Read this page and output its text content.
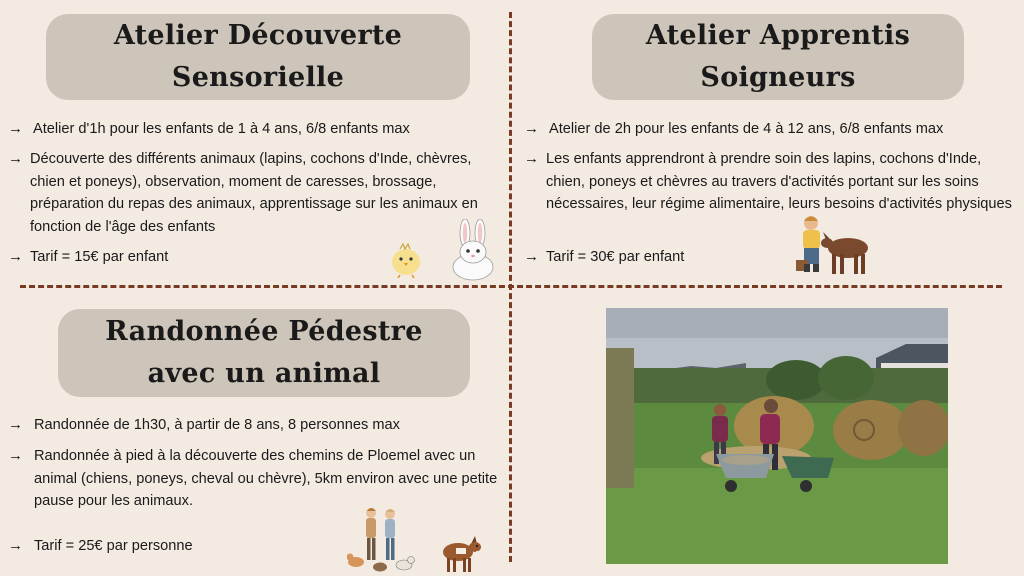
Atelier Découverte
Sensorielle
→ Atelier d'1h pour les enfants de 1 à 4 ans, 6/8 enfants max
→ Découverte des différents animaux (lapins, cochons d'Inde, chèvres, chien et poneys), observation, moment de caresses, brossage, préparation du repas des animaux, apprentissage sur les animaux en fonction de l'âge des enfants
→ Tarif = 15€ par enfant
Atelier Apprentis
Soigneurs
→ Atelier de 2h pour les enfants de 4 à 12 ans, 6/8 enfants max
→ Les enfants apprendront à prendre soin des lapins, cochons d'Inde, chien, poneys et chèvres au travers d'activités portant sur les soins nécessaires, leur régime alimentaire, leurs besoins d'activités physiques
→ Tarif = 30€ par enfant
Randonnée Pédestre
avec un animal
→ Randonnée de 1h30, à partir de 8 ans, 8 personnes max
→ Randonnée à pied à la découverte des chemins de Ploemel avec un animal (chiens, poneys, cheval ou chèvre), 5km environ avec une petite pause pour les animaux.
→ Tarif = 25€ par personne
